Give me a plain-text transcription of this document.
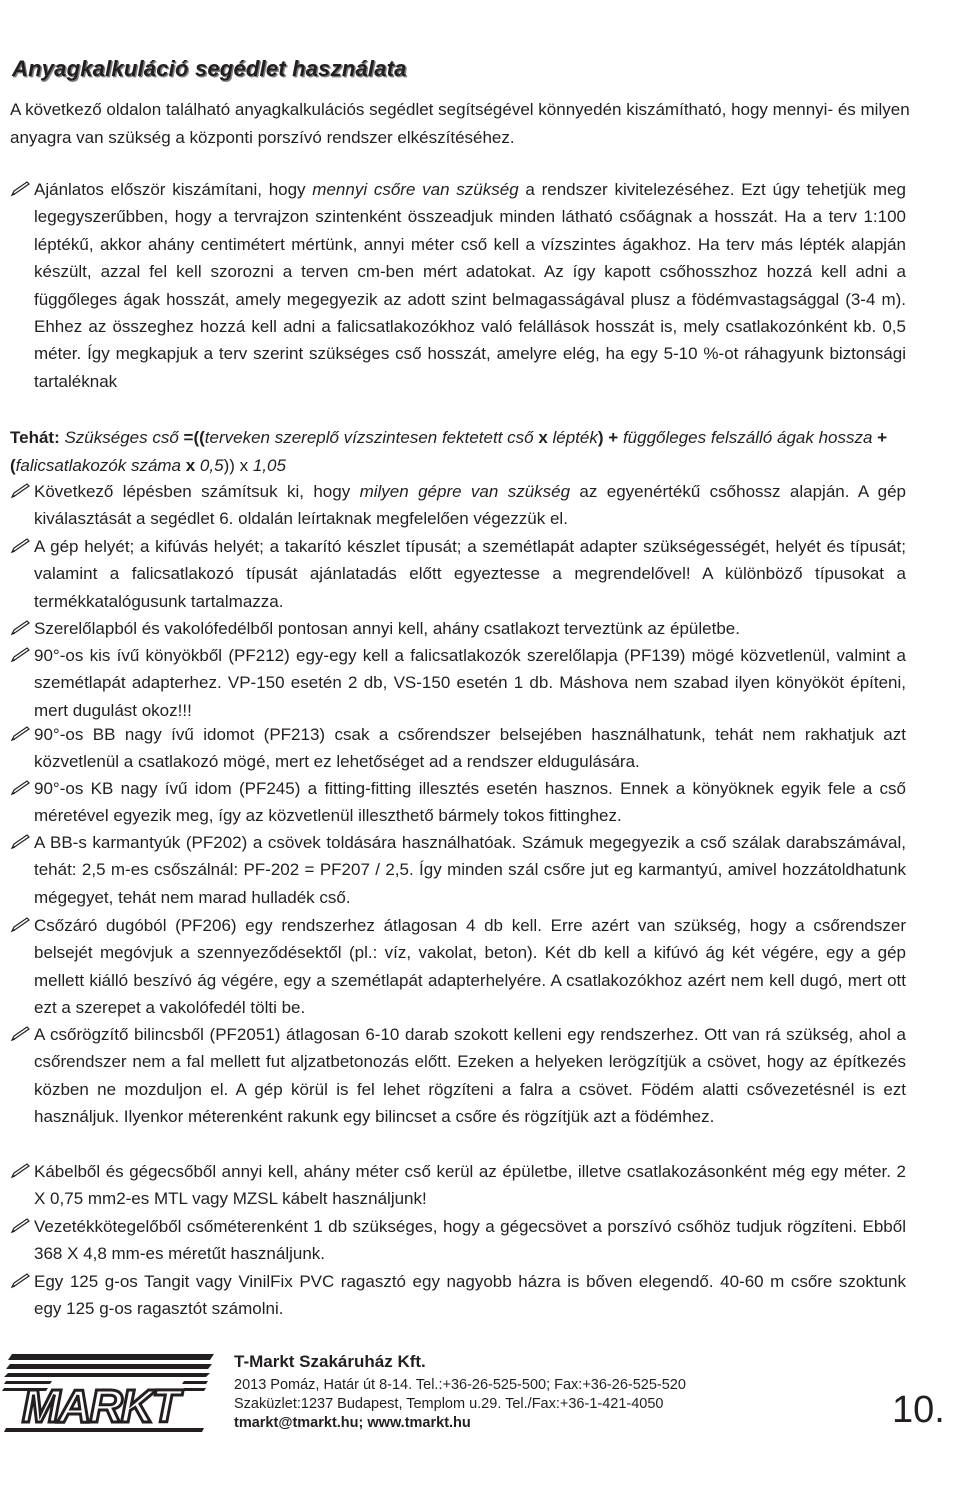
Anyagkalkuláció segédlet használata
A következő oldalon található anyagkalkulációs segédlet segítségével könnyedén kiszámítható, hogy mennyi- és milyen anyagra van szükség a központi porszívó rendszer elkészítéséhez.
Ajánlatos először kiszámítani, hogy mennyi csőre van szükség a rendszer kivitelezéséhez. Ezt úgy tehetjük meg legegyszerűbben, hogy a tervrajzon szintenként összeadjuk minden látható csőágnak a hosszát. Ha a terv 1:100 léptékű, akkor ahány centimétert mértünk, annyi méter cső kell a vízszintes ágakhoz. Ha terv más lépték alapján készült, azzal fel kell szorozni a terven cm-ben mért adatokat. Az így kapott csőhosszhoz hozzá kell adni a függőleges ágak hosszát, amely megegyezik az adott szint belmagasságával plusz a födémvastagsággal (3-4 m). Ehhez az összeghez hozzá kell adni a falicsatlakozókhoz való felállások hosszát is, mely csatlakozónként kb. 0,5 méter. Így megkapjuk a terv szerint szükséges cső hosszát, amelyre elég, ha egy 5-10 %-ot ráhagyunk biztonsági tartaléknak
Tehát: Szükséges cső =((terveken szereplő vízszintesen fektetett cső x lépték) + függőleges felszálló ágak hossza + (falicsatlakozók száma x 0,5)) x 1,05
Következő lépésben számítsuk ki, hogy milyen gépre van szükség az egyenértékű csőhossz alapján. A gép kiválasztását a segédlet 6. oldalán leírtaknak megfelelően végezzük el.
A gép helyét; a kifúvás helyét; a takarító készlet típusát; a szemétlapát adapter szükségességét, helyét és típusát; valamint a falicsatlakozó típusát ajánlatadás előtt egyeztesse a megrendelővel! A különböző típusokat a termékkatalógusunk tartalmazza.
Szerelőlapból és vakolófedélből pontosan annyi kell, ahány csatlakozt terveztünk az épületbe.
90°-os kis ívű könyökből (PF212) egy-egy kell a falicsatlakozók szerelőlapja (PF139) mögé közvetlenül, valmint a szemétlapát adapterhez. VP-150 esetén 2 db, VS-150 esetén 1 db. Máshova nem szabad ilyen könyököt építeni, mert dugulást okoz!!!
90°-os BB nagy ívű idomot (PF213) csak a csőrendszer belsejében használhatunk, tehát nem rakhatjuk azt közvetlenül a csatlakozó mögé, mert ez lehetőséget ad a rendszer eldugulására.
90°-os KB nagy ívű idom (PF245) a fitting-fitting illesztés esetén hasznos. Ennek a könyöknek egyik fele a cső méretével egyezik meg, így az közvetlenül illeszthető bármely tokos fittinghez.
A BB-s karmantyúk (PF202) a csövek toldására használhatóak. Számuk megegyezik a cső szálak darabszámával, tehát: 2,5 m-es csőszálnál: PF-202 = PF207 / 2,5. Így minden szál csőre jut eg karmantyú, amivel hozzátoldhatunk mégegyet, tehát nem marad hulladék cső.
Csőzáró dugóból (PF206) egy rendszerhez átlagosan 4 db kell. Erre azért van szükség, hogy a csőrendszer belsejét megóvjuk a szennyeződésektől (pl.: víz, vakolat, beton). Két db kell a kifúvó ág két végére, egy a gép mellett kiálló beszívó ág végére, egy a szemétlapát adapterhelyére. A csatlakozókhoz azért nem kell dugó, mert ott ezt a szerepet a vakolófedél tölti be.
A csőrögzítő bilincsből (PF2051) átlagosan 6-10 darab szokott kelleni egy rendszerhez. Ott van rá szükség, ahol a csőrendszer nem a fal mellett fut aljzatbetonozás előtt. Ezeken a helyeken lerögzítjük a csövet, hogy az építkezés közben ne mozduljon el. A gép körül is fel lehet rögzíteni a falra a csövet. Födém alatti csővezetésnél is ezt használjuk. Ilyenkor méterenként rakunk egy bilincset a csőre és rögzítjük azt a födémhez.
Kábelből és gégecsőből annyi kell, ahány méter cső kerül az épületbe, illetve csatlakozásonként még egy méter. 2 X 0,75 mm2-es MTL vagy MZSL kábelt használjunk!
Vezetékkötegelőből csőméterenként 1 db szükséges, hogy a gégecsövet a porszívó csőhöz tudjuk rögzíteni. Ebből 368 X 4,8 mm-es méretűt használjunk.
Egy 125 g-os Tangit vagy VinilFix PVC ragasztó egy nagyobb házra is bőven elegendő. 40-60 m csőre szoktunk egy 125 g-os ragasztót számolni.
MARKT
T-Markt Szakáruház Kft.
2013 Pomáz, Határ út 8-14. Tel.:+36-26-525-500; Fax:+36-26-525-520
Szaküzlet:1237 Budapest, Templom u.29. Tel./Fax:+36-1-421-4050
tmarkt@tmarkt.hu; www.tmarkt.hu	10.
